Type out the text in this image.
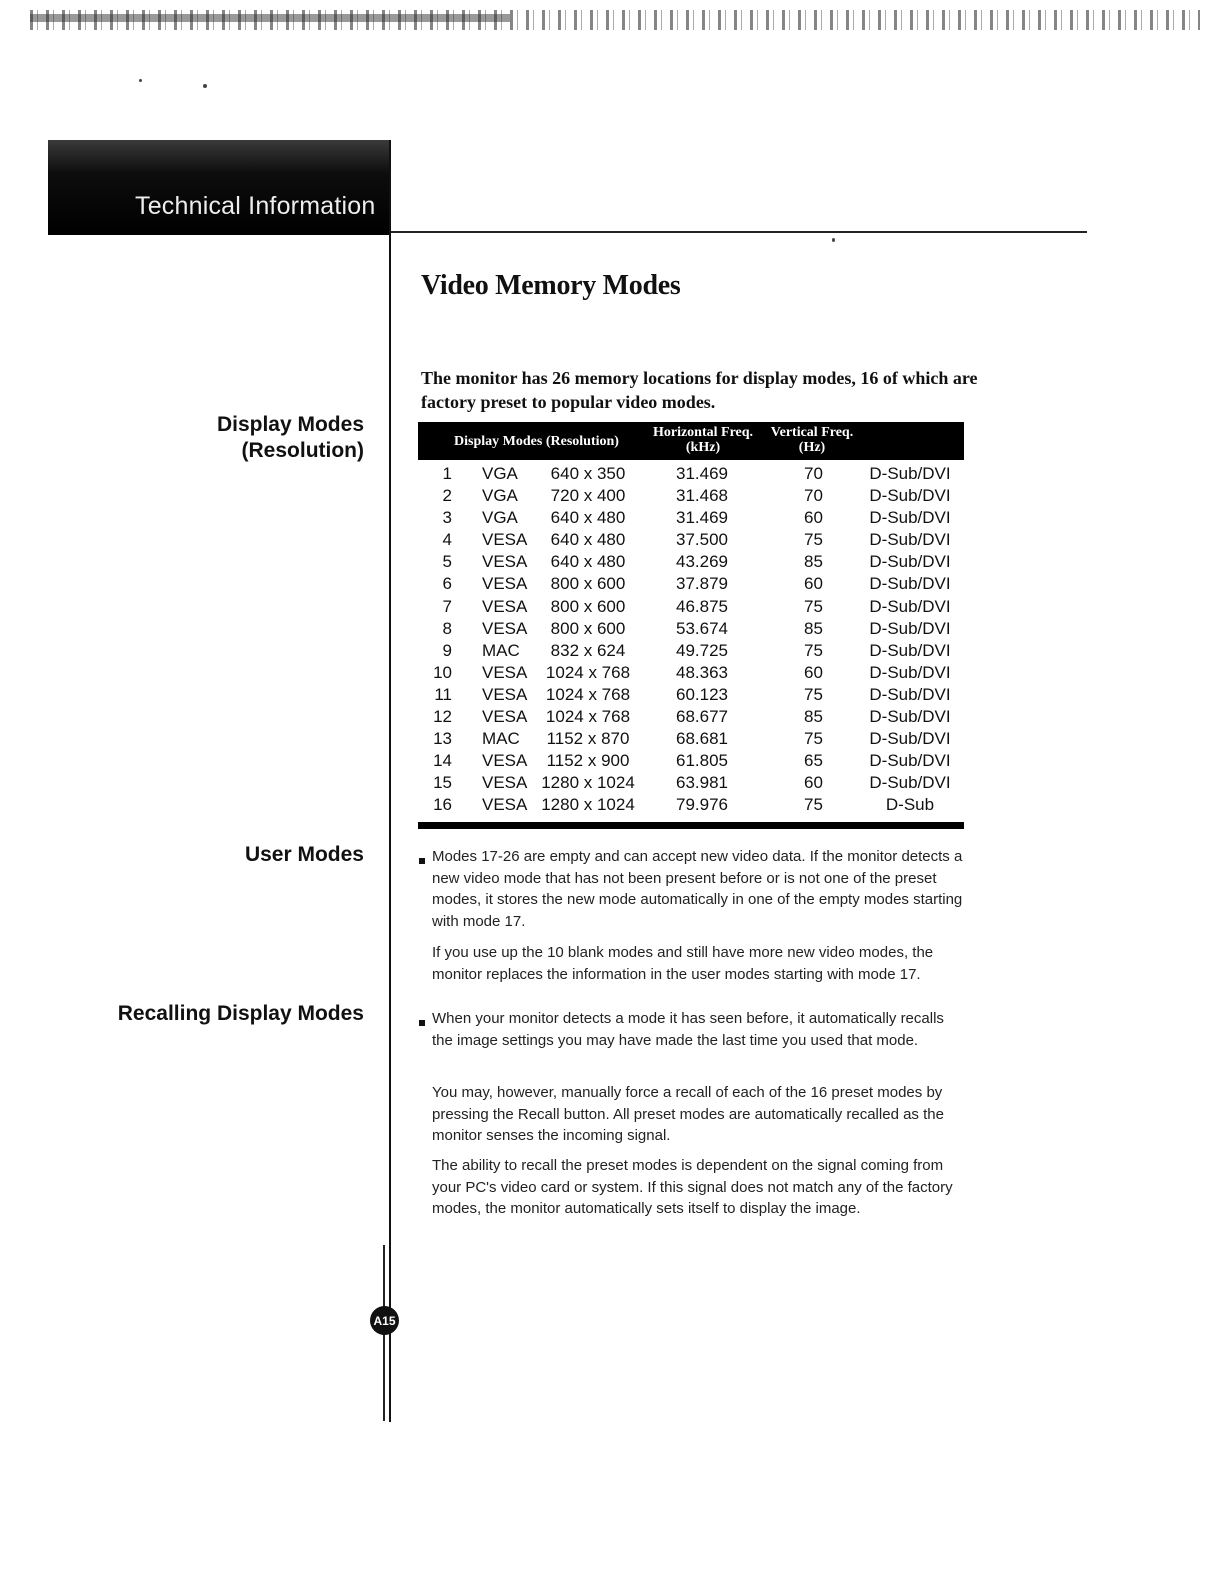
Technical Information
Video Memory Modes
Display Modes
(Resolution)
User Modes
Recalling Display Modes
The monitor has 26 memory locations for display modes, 16 of which are factory preset to popular video modes.
Display Modes (Resolution)
Horizontal Freq.
(kHz)
Vertical Freq.
(Hz)
1 VGA	640 x 350	31.469	70	D-Sub/DVI
2 VGA	720 x 400	31.468	70	D-Sub/DVI
3 VGA	640 x 480	31.469	60	D-Sub/DVI
4 VESA	640 x 480	37.500	75	D-Sub/DVI
5 VESA	640 x 480	43.269	85	D-Sub/DVI
6 VESA	800 x 600	37.879	60	D-Sub/DVI
7 VESA	800 x 600	46.875	75	D-Sub/DVI
8 VESA	800 x 600	53.674	85	D-Sub/DVI
9 MAC	832 x 624	49.725	75	D-Sub/DVI
10 VESA	1024 x 768	48.363	60	D-Sub/DVI
11 VESA	1024 x 768	60.123	75	D-Sub/DVI
12 VESA	1024 x 768	68.677	85	D-Sub/DVI
13 MAC	1152 x 870	68.681	75	D-Sub/DVI
14 VESA	1152 x 900	61.805	65	D-Sub/DVI
15 VESA 1280 x 1024	63.981	60	D-Sub/DVI
16 VESA 1280 x 1024	79.976	75	D-Sub
Modes 17-26 are empty and can accept new video data. If the monitor detects a new video mode that has not been present before or is not one of the preset modes, it stores the new mode automatically in one of the empty modes starting with mode 17.
If you use up the 10 blank modes and still have more new video modes, the monitor replaces the information in the user modes starting with mode 17.
When your monitor detects a mode it has seen before, it automatically recalls the image settings you may have made the last time you used that mode.
You may, however, manually force a recall of each of the 16 preset modes by pressing the Recall button. All preset modes are automatically recalled as the monitor senses the incoming signal.
The ability to recall the preset modes is dependent on the signal coming from your PC's video card or system. If this signal does not match any of the factory modes, the monitor automatically sets itself to display the image.
A15
